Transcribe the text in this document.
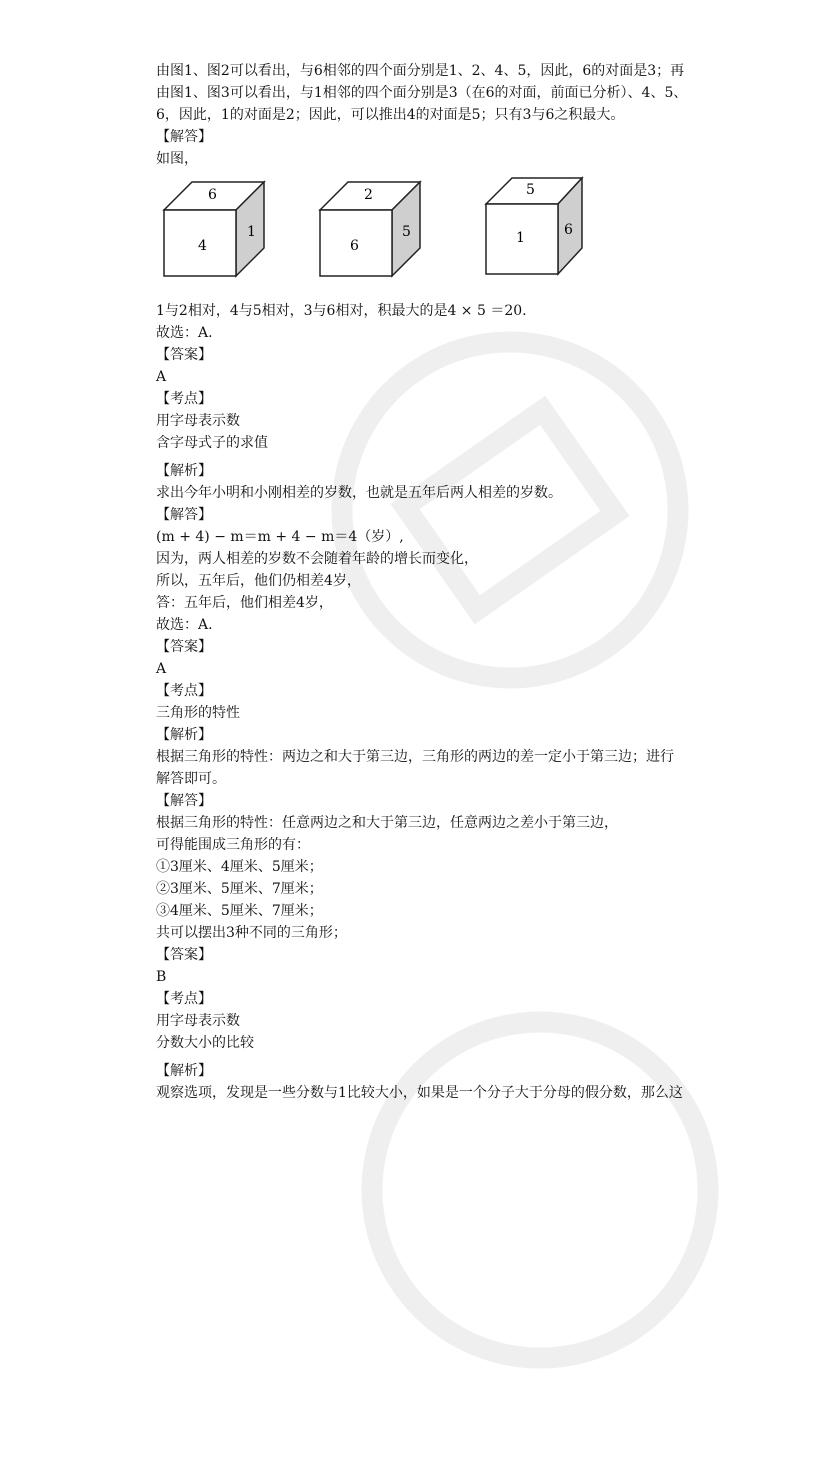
由图1、图2可以看出，与6相邻的四个面分别是1、2、4、5，因此，6的对面是3；再
由图1、图3可以看出，与1相邻的四个面分别是3（在6的对面，前面已分析）、4、5、
6，因此，1的对面是2；因此，可以推出4的对面是5；只有3与6之积最大。
【解答】
如图，
6
4
1
2
6
5
5
1	6
1与2相对，4与5相对，3与6相对，积最大的是4 × 5 ＝20.
故选：A.
【答案】
A
【考点】
用字母表示数
含字母式子的求值
【解析】
求出今年小明和小刚相差的岁数，也就是五年后两人相差的岁数。
【解答】
(m + 4) − m＝m + 4 − m＝4（岁）,
因为，两人相差的岁数不会随着年龄的增长而变化，
所以，五年后，他们仍相差4岁，
答：五年后，他们相差4岁，
故选：A.
【答案】
A
【考点】
三角形的特性
【解析】
根据三角形的特性：两边之和大于第三边，三角形的两边的差一定小于第三边；进行
解答即可。
【解答】
根据三角形的特性：任意两边之和大于第三边，任意两边之差小于第三边，
可得能围成三角形的有：
①3厘米、4厘米、5厘米；
②3厘米、5厘米、7厘米；
③4厘米、5厘米、7厘米；
共可以摆出3种不同的三角形；
【答案】
B
【考点】
用字母表示数
分数大小的比较
【解析】
观察选项，发现是一些分数与1比较大小，如果是一个分子大于分母的假分数，那么这
